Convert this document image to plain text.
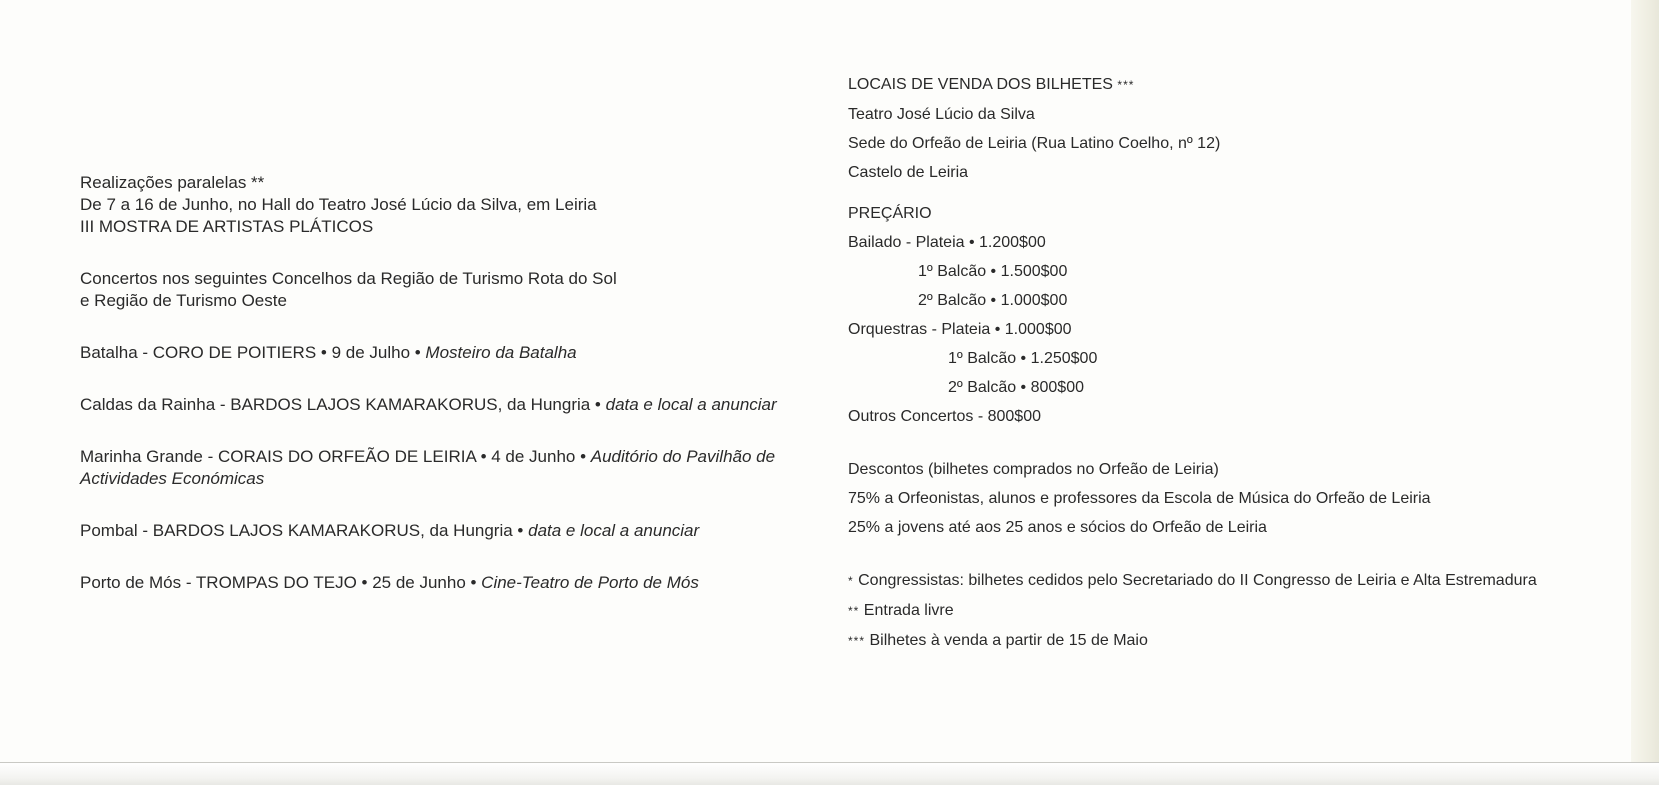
Realizações paralelas **
De 7 a 16 de Junho, no Hall do Teatro José Lúcio da Silva, em Leiria
III MOSTRA DE ARTISTAS PLÁTICOS
Concertos nos seguintes Concelhos da Região de Turismo Rota do Sol
e Região de Turismo Oeste
Batalha - CORO DE POITIERS • 9 de Julho • Mosteiro da Batalha
Caldas da Rainha - BARDOS LAJOS KAMARAKORUS, da Hungria • data e local a anunciar
Marinha Grande - CORAIS DO ORFEÃO DE LEIRIA • 4 de Junho • Auditório do Pavilhão de Actividades Económicas
Pombal - BARDOS LAJOS KAMARAKORUS, da Hungria • data e local a anunciar
Porto de Mós - TROMPAS DO TEJO • 25 de Junho • Cine-Teatro de Porto de Mós
LOCAIS DE VENDA DOS BILHETES ***
Teatro José Lúcio da Silva
Sede do Orfeão de Leiria (Rua Latino Coelho, nº 12)
Castelo de Leiria
PREÇÁRIO
Bailado - Plateia • 1.200$00
1º Balcão • 1.500$00
2º Balcão • 1.000$00
Orquestras - Plateia • 1.000$00
1º Balcão • 1.250$00
2º Balcão • 800$00
Outros Concertos - 800$00
Descontos (bilhetes comprados no Orfeão de Leiria)
75% a Orfeonistas, alunos e professores da Escola de Música do Orfeão de Leiria
25% a jovens até aos 25 anos e sócios do Orfeão de Leiria
* Congressistas: bilhetes cedidos pelo Secretariado do II Congresso de Leiria e Alta Estremadura
** Entrada livre
*** Bilhetes à venda a partir de 15 de Maio
